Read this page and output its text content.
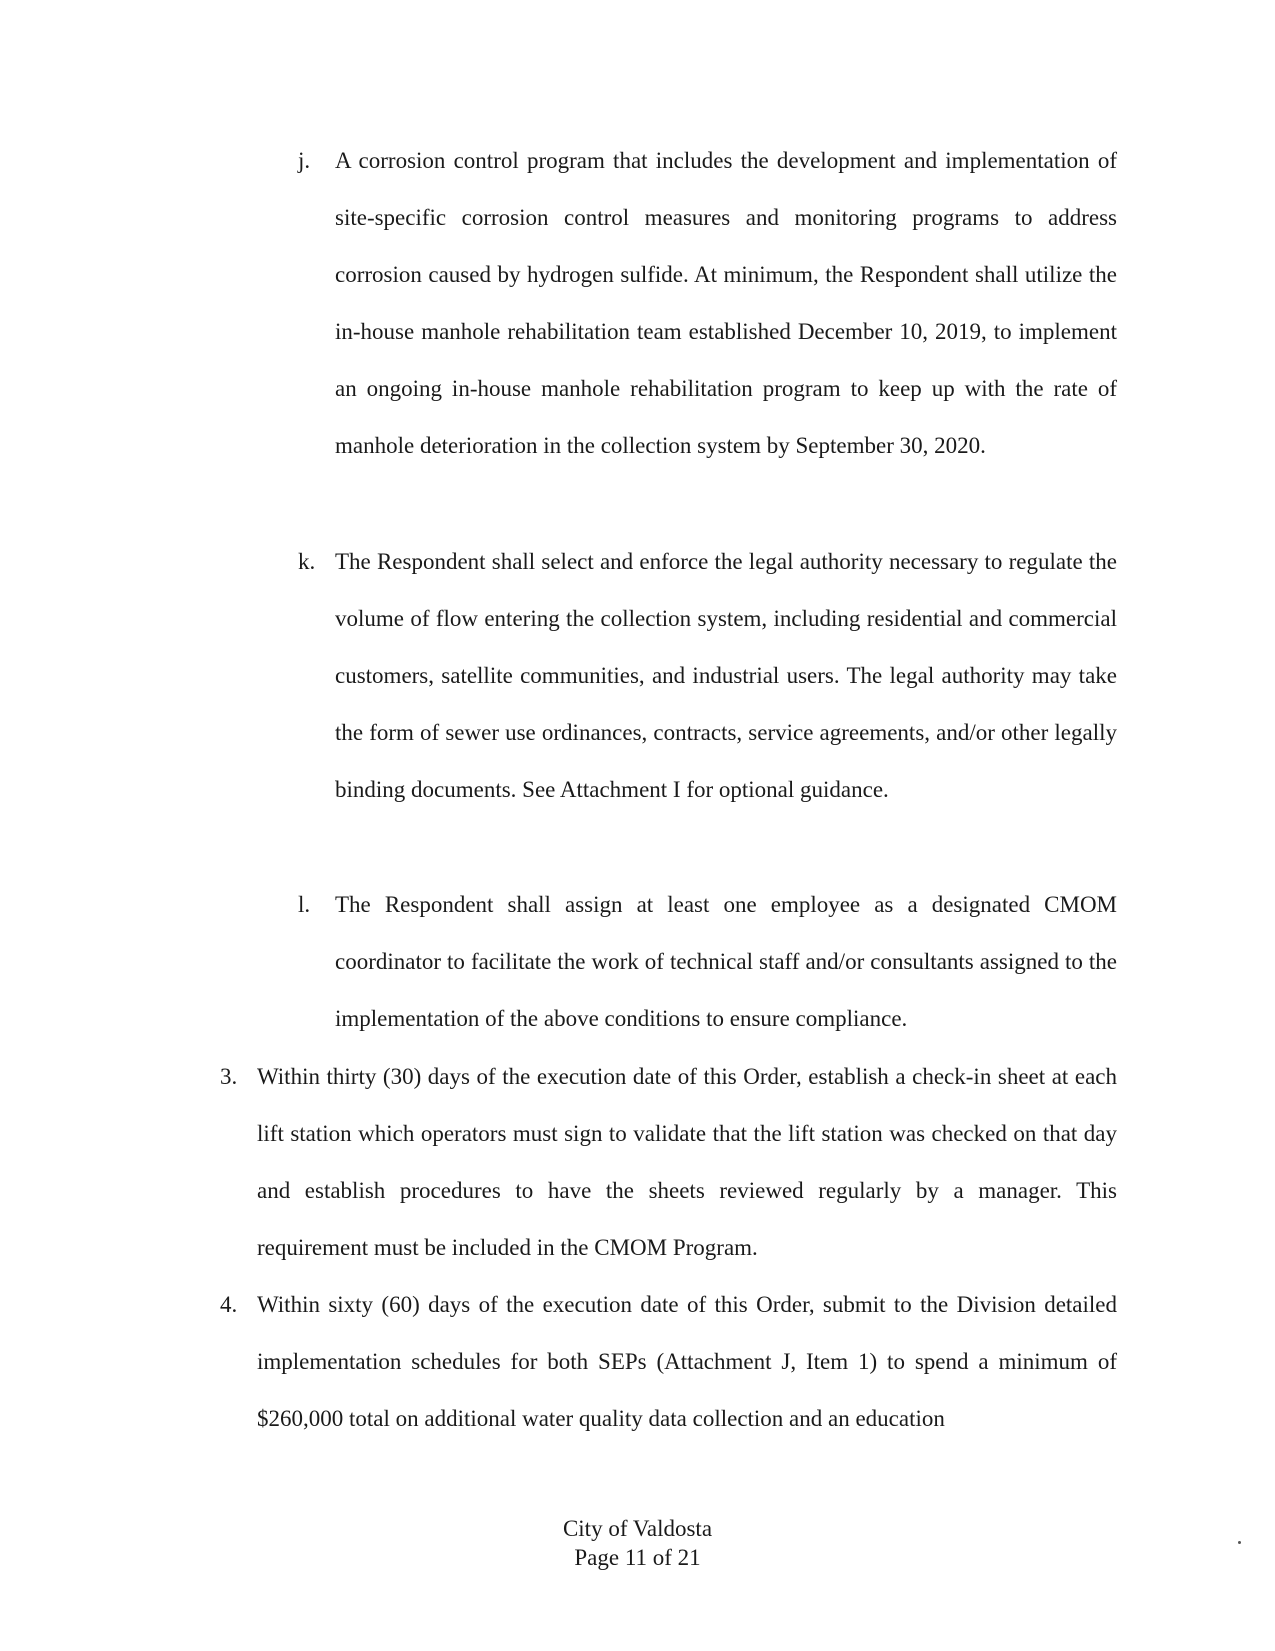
j. A corrosion control program that includes the development and implementation of site-specific corrosion control measures and monitoring programs to address corrosion caused by hydrogen sulfide. At minimum, the Respondent shall utilize the in-house manhole rehabilitation team established December 10, 2019, to implement an ongoing in-house manhole rehabilitation program to keep up with the rate of manhole deterioration in the collection system by September 30, 2020.
k. The Respondent shall select and enforce the legal authority necessary to regulate the volume of flow entering the collection system, including residential and commercial customers, satellite communities, and industrial users. The legal authority may take the form of sewer use ordinances, contracts, service agreements, and/or other legally binding documents. See Attachment I for optional guidance.
l. The Respondent shall assign at least one employee as a designated CMOM coordinator to facilitate the work of technical staff and/or consultants assigned to the implementation of the above conditions to ensure compliance.
3. Within thirty (30) days of the execution date of this Order, establish a check-in sheet at each lift station which operators must sign to validate that the lift station was checked on that day and establish procedures to have the sheets reviewed regularly by a manager. This requirement must be included in the CMOM Program.
4. Within sixty (60) days of the execution date of this Order, submit to the Division detailed implementation schedules for both SEPs (Attachment J, Item 1) to spend a minimum of $260,000 total on additional water quality data collection and an education
City of Valdosta
Page 11 of 21
